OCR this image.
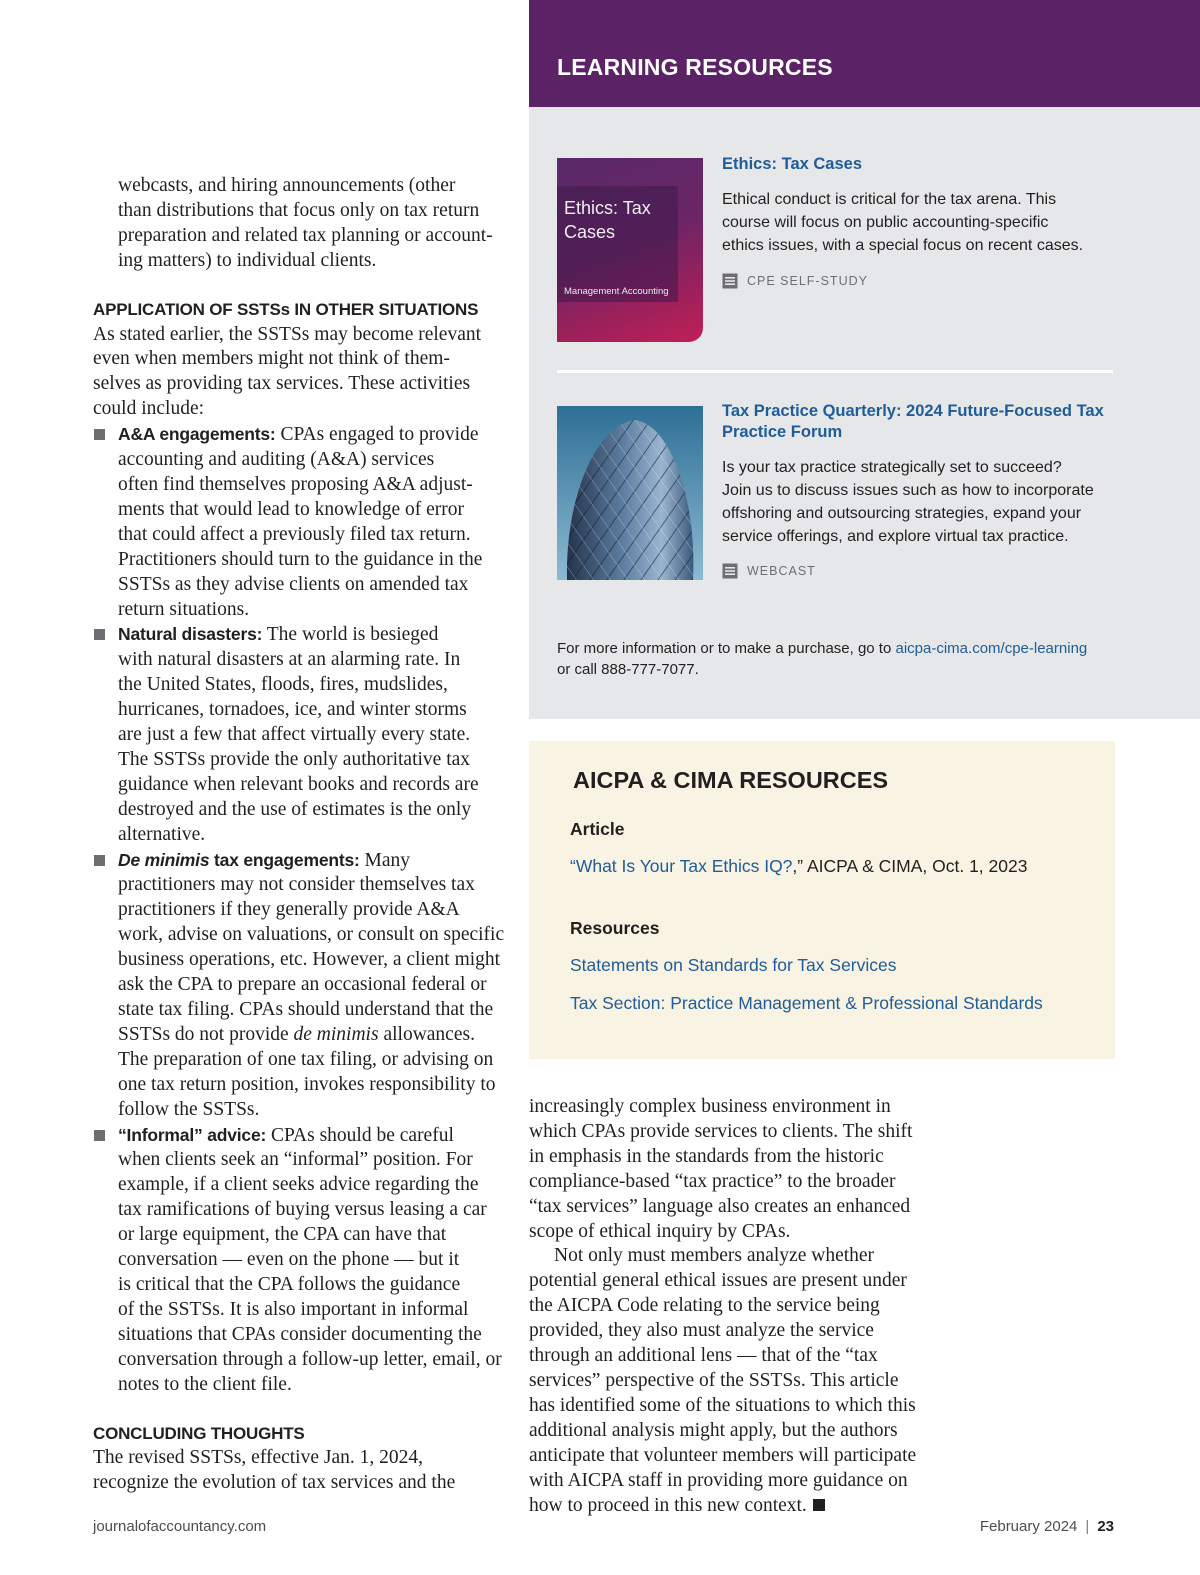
webcasts, and hiring announcements (other
than distributions that focus only on tax return
preparation and related tax planning or account-
ing matters) to individual clients.
APPLICATION OF SSTSs IN OTHER SITUATIONS
As stated earlier, the SSTSs may become relevant
even when members might not think of them-
selves as providing tax services. These activities
could include:
A&A engagements: CPAs engaged to provide
accounting and auditing (A&A) services
often find themselves proposing A&A adjust-
ments that would lead to knowledge of error
that could affect a previously filed tax return.
Practitioners should turn to the guidance in the
SSTSs as they advise clients on amended tax
return situations.
Natural disasters: The world is besieged
with natural disasters at an alarming rate. In
the United States, floods, fires, mudslides,
hurricanes, tornadoes, ice, and winter storms
are just a few that affect virtually every state.
The SSTSs provide the only authoritative tax
guidance when relevant books and records are
destroyed and the use of estimates is the only
alternative.
De minimis tax engagements: Many
practitioners may not consider themselves tax
practitioners if they generally provide A&A
work, advise on valuations, or consult on specific
business operations, etc. However, a client might
ask the CPA to prepare an occasional federal or
state tax filing. CPAs should understand that the
SSTSs do not provide de minimis allowances.
The preparation of one tax filing, or advising on
one tax return position, invokes responsibility to
follow the SSTSs.
“Informal” advice: CPAs should be careful
when clients seek an “informal” position. For
example, if a client seeks advice regarding the
tax ramifications of buying versus leasing a car
or large equipment, the CPA can have that
conversation — even on the phone — but it
is critical that the CPA follows the guidance
of the SSTSs. It is also important in informal
situations that CPAs consider documenting the
conversation through a follow-up letter, email, or
notes to the client file.
CONCLUDING THOUGHTS
The revised SSTSs, effective Jan. 1, 2024,
recognize the evolution of tax services and the
LEARNING RESOURCES
Ethics: Tax Cases
Management Accounting
Ethics: Tax Cases
Ethical conduct is critical for the tax arena. This
course will focus on public accounting-specific
ethics issues, with a special focus on recent cases.
CPE SELF-STUDY
Tax Practice Quarterly: 2024 Future-Focused Tax
Practice Forum
Is your tax practice strategically set to succeed?
Join us to discuss issues such as how to incorporate
offshoring and outsourcing strategies, expand your
service offerings, and explore virtual tax practice.
WEBCAST
For more information or to make a purchase, go to aicpa-cima.com/cpe-learning
or call 888-777-7077.
AICPA & CIMA RESOURCES
Article
“What Is Your Tax Ethics IQ?,” AICPA & CIMA, Oct. 1, 2023
Resources
Statements on Standards for Tax Services
Tax Section: Practice Management & Professional Standards
increasingly complex business environment in
which CPAs provide services to clients. The shift
in emphasis in the standards from the historic
compliance-based “tax practice” to the broader
“tax services” language also creates an enhanced
scope of ethical inquiry by CPAs.
Not only must members analyze whether
potential general ethical issues are present under
the AICPA Code relating to the service being
provided, they also must analyze the service
through an additional lens — that of the “tax
services” perspective of the SSTSs. This article
has identified some of the situations to which this
additional analysis might apply, but the authors
anticipate that volunteer members will participate
with AICPA staff in providing more guidance on
how to proceed in this new context.
journalofaccountancy.com	February 2024 | 23
